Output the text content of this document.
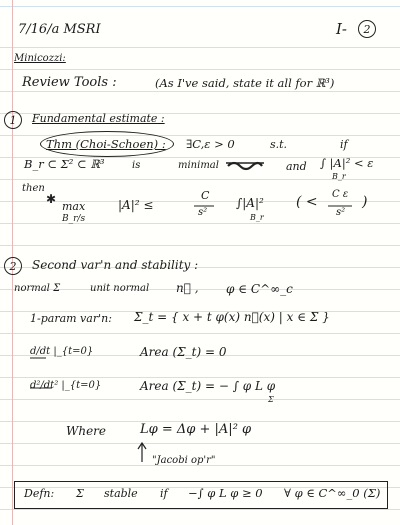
7/16/a MSRI	I- 2
Minicozzi:
Review Tools :	(As I've said, state it all for ℝ³)
1 Fundamental estimate :
Thm (Choi-Schoen) : ∃C,ε > 0	s.t.	if
B_r ⊂ Σ² ⊂ ℝ³	is	minimal	and ∫ |A|² < ε
B_r
then
max
B_r/s
|A|² ≤
C
s²
∫|A|²
B_r
( < C ε
s²
)
✱
2 Second var'n and stability :
normal Σ	unit normal n⃗ , φ ∈ C^∞_c
1-param var'n: Σ_t = { x + t φ(x) n⃗(x) | x ∈ Σ }
d/dt |_{t=0}	Area (Σ_t) = 0
d²/dt² |_{t=0}	Area (Σ_t) = − ∫ φ L φ
Σ
Where	Lφ = Δφ + |A|² φ
"Jacobi op'r"
Defn: Σ stable if −∫ φ L φ ≥ 0 ∀ φ ∈ C^∞_0 (Σ)
